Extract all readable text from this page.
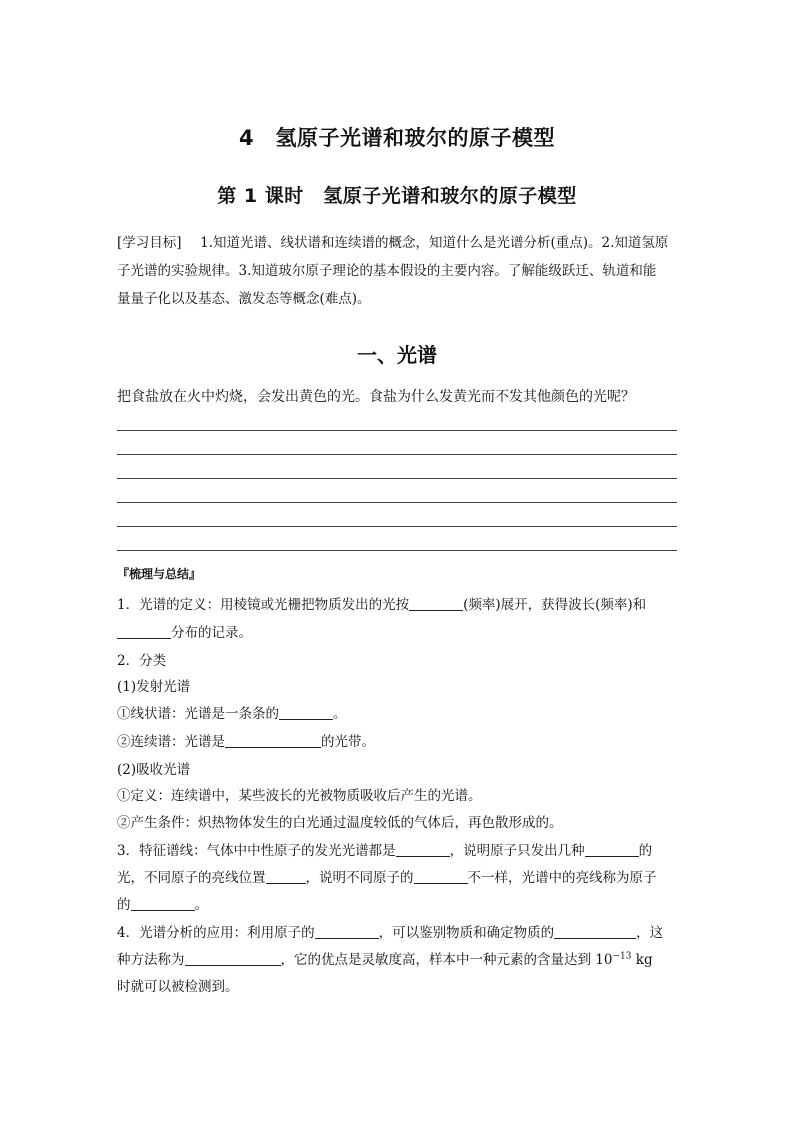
4　氢原子光谱和玻尔的原子模型
第 1 课时　氢原子光谱和玻尔的原子模型
[学习目标] 1.知道光谱、线状谱和连续谱的概念，知道什么是光谱分析(重点)。2.知道氢原
子光谱的实验规律。3.知道玻尔原子理论的基本假设的主要内容。了解能级跃迁、轨道和能
量量子化以及基态、激发态等概念(难点)。
一、光谱
把食盐放在火中灼烧，会发出黄色的光。食盐为什么发黄光而不发其他颜色的光呢？
『梳理与总结』
1．光谱的定义：用棱镜或光栅把物质发出的光按	(频率)展开，获得波长(频率)和
分布的记录。
2．分类
(1)发射光谱
①线状谱：光谱是一条条的	。
②连续谱：光谱是	的光带。
(2)吸收光谱
①定义：连续谱中，某些波长的光被物质吸收后产生的光谱。
②产生条件：炽热物体发生的白光通过温度较低的气体后，再色散形成的。
3．特征谱线：气体中中性原子的发光光谱都是	，说明原子只发出几种	的
光，不同原子的亮线位置	，说明不同原子的	不一样，光谱中的亮线称为原子
的	。
4．光谱分析的应用：利用原子的	，可以鉴别物质和确定物质的	，这
种方法称为	，它的优点是灵敏度高，样本中一种元素的含量达到 $10^{-13}$ kg
时就可以被检测到。
